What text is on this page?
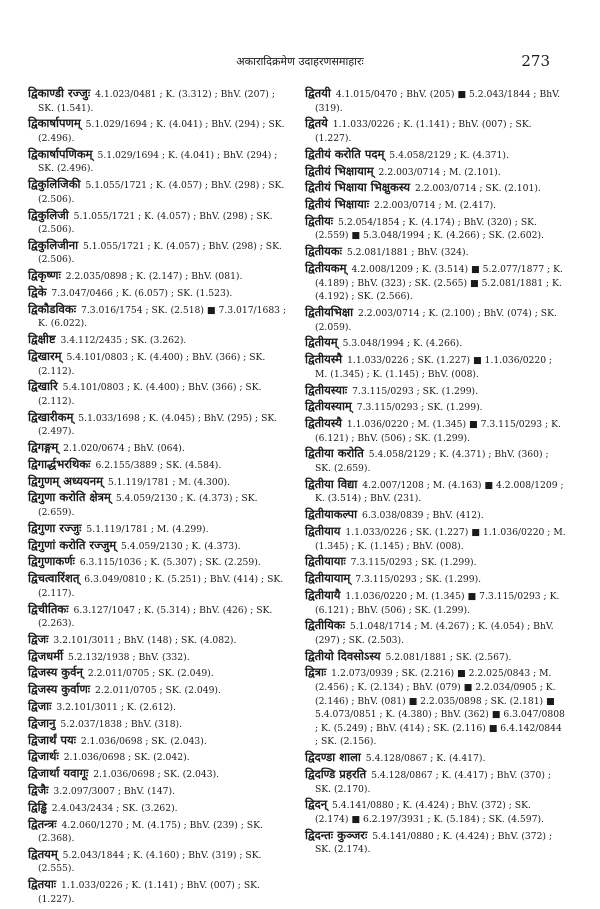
अकारादिक्रमेण उदाहरणसमाहारः	273
द्विकाण्डी रज्जुः 4.1.023/0481 ; K. (3.312) ; BhV. (207) ; SK. (1.541).
द्विकार्षापणम् 5.1.029/1694 ; K. (4.041) ; BhV. (294) ; SK. (2.496).
द्विकार्षापणिकम् 5.1.029/1694 ; K. (4.041) ; BhV. (294) ; SK. (2.496).
द्विकुलिजिकी 5.1.055/1721 ; K. (4.057) ; BhV. (298) ; SK. (2.506).
द्विकुलिजी 5.1.055/1721 ; K. (4.057) ; BhV. (298) ; SK. (2.506).
द्विकुलिजीना 5.1.055/1721 ; K. (4.057) ; BhV. (298) ; SK. (2.506).
द्विकृष्णः 2.2.035/0898 ; K. (2.147) ; BhV. (081).
द्विके 7.3.047/0466 ; K. (6.057) ; SK. (1.523).
द्विकौडविकः 7.3.016/1754 ; SK. (2.518) ■ 7.3.017/1683 ; K. (6.022).
द्विक्षीष्ट 3.4.112/2435 ; SK. (3.262).
द्विखारम् 5.4.101/0803 ; K. (4.400) ; BhV. (366) ; SK. (2.112).
द्विखारि 5.4.101/0803 ; K. (4.400) ; BhV. (366) ; SK. (2.112).
द्विखारीकम् 5.1.033/1698 ; K. (4.045) ; BhV. (295) ; SK. (2.497).
द्विगङ्गम् 2.1.020/0674 ; BhV. (064).
द्विगार्द्धभरथिकः 6.2.155/3889 ; SK. (4.584).
द्विगुणम् अध्ययनम् 5.1.119/1781 ; M. (4.300).
द्विगुणा करोति क्षेत्रम् 5.4.059/2130 ; K. (4.373) ; SK. (2.659).
द्विगुणा रज्जुः 5.1.119/1781 ; M. (4.299).
द्विगुणां करोति रज्जुम् 5.4.059/2130 ; K. (4.373).
द्विगुणाकर्णः 6.3.115/1036 ; K. (5.307) ; SK. (2.259).
द्विचत्वारिंशत् 6.3.049/0810 ; K. (5.251) ; BhV. (414) ; SK. (2.117).
द्विचीतिकः 6.3.127/1047 ; K. (5.314) ; BhV. (426) ; SK. (2.263).
द्विजः 3.2.101/3011 ; BhV. (148) ; SK. (4.082).
द्विजधर्मी 5.2.132/1938 ; BhV. (332).
द्विजस्य कुर्वन् 2.2.011/0705 ; SK. (2.049).
द्विजस्य कुर्वाणः 2.2.011/0705 ; SK. (2.049).
द्विजाः 3.2.101/3011 ; K. (2.612).
द्विजानु 5.2.037/1838 ; BhV. (318).
द्विजार्थं पयः 2.1.036/0698 ; SK. (2.043).
द्विजार्थः 2.1.036/0698 ; SK. (2.042).
द्विजार्था यवागूः 2.1.036/0698 ; SK. (2.043).
द्विजैः 3.2.097/3007 ; BhV. (147).
द्विड्ढि 2.4.043/2434 ; SK. (3.262).
द्वितन्त्रः 4.2.060/1270 ; M. (4.175) ; BhV. (239) ; SK. (2.368).
द्वितयम् 5.2.043/1844 ; K. (4.160) ; BhV. (319) ; SK. (2.555).
द्वितयाः 1.1.033/0226 ; K. (1.141) ; BhV. (007) ; SK. (1.227).
द्वितयी 4.1.015/0470 ; BhV. (205) ■ 5.2.043/1844 ; BhV. (319).
द्वितये 1.1.033/0226 ; K. (1.141) ; BhV. (007) ; SK. (1.227).
द्वितीयं करोति पदम् 5.4.058/2129 ; K. (4.371).
द्वितीयं भिक्षायाम् 2.2.003/0714 ; M. (2.101).
द्वितीयं भिक्षाया भिक्षुकस्य 2.2.003/0714 ; SK. (2.101).
द्वितीयं भिक्षायाः 2.2.003/0714 ; M. (2.417).
द्वितीयः 5.2.054/1854 ; K. (4.174) ; BhV. (320) ; SK. (2.559) ■ 5.3.048/1994 ; K. (4.266) ; SK. (2.602).
द्वितीयकः 5.2.081/1881 ; BhV. (324).
द्वितीयकम् 4.2.008/1209 ; K. (3.514) ■ 5.2.077/1877 ; K. (4.189) ; BhV. (323) ; SK. (2.565) ■ 5.2.081/1881 ; K. (4.192) ; SK. (2.566).
द्वितीयभिक्षा 2.2.003/0714 ; K. (2.100) ; BhV. (074) ; SK. (2.059).
द्वितीयम् 5.3.048/1994 ; K. (4.266).
द्वितीयस्मै 1.1.033/0226 ; SK. (1.227) ■ 1.1.036/0220 ; M. (1.345) ; K. (1.145) ; BhV. (008).
द्वितीयस्याः 7.3.115/0293 ; SK. (1.299).
द्वितीयस्याम् 7.3.115/0293 ; SK. (1.299).
द्वितीयस्यै 1.1.036/0220 ; M. (1.345) ■ 7.3.115/0293 ; K. (6.121) ; BhV. (506) ; SK. (1.299).
द्वितीया करोति 5.4.058/2129 ; K. (4.371) ; BhV. (360) ; SK. (2.659).
द्वितीया विद्या 4.2.007/1208 ; M. (4.163) ■ 4.2.008/1209 ; K. (3.514) ; BhV. (231).
द्वितीयाकल्पा 6.3.038/0839 ; BhV. (412).
द्वितीयाय 1.1.033/0226 ; SK. (1.227) ■ 1.1.036/0220 ; M. (1.345) ; K. (1.145) ; BhV. (008).
द्वितीयायाः 7.3.115/0293 ; SK. (1.299).
द्वितीयायाम् 7.3.115/0293 ; SK. (1.299).
द्वितीयायै 1.1.036/0220 ; M. (1.345) ■ 7.3.115/0293 ; K. (6.121) ; BhV. (506) ; SK. (1.299).
द्वितीयिकः 5.1.048/1714 ; M. (4.267) ; K. (4.054) ; BhV. (297) ; SK. (2.503).
द्वितीयो दिवसोऽस्य 5.2.081/1881 ; SK. (2.567).
द्वित्राः 1.2.073/0939 ; SK. (2.216) ■ 2.2.025/0843 ; M. (2.456) ; K. (2.134) ; BhV. (079) ■ 2.2.034/0905 ; K. (2.146) ; BhV. (081) ■ 2.2.035/0898 ; SK. (2.181) ■ 5.4.073/0851 ; K. (4.380) ; BhV. (362) ■ 6.3.047/0808 ; K. (5.249) ; BhV. (414) ; SK. (2.116) ■ 6.4.142/0844 ; SK. (2.156).
द्विदण्डा शाला 5.4.128/0867 ; K. (4.417).
द्विदण्डि प्रहरति 5.4.128/0867 ; K. (4.417) ; BhV. (370) ; SK. (2.170).
द्विदन् 5.4.141/0880 ; K. (4.424) ; BhV. (372) ; SK. (2.174) ■ 6.2.197/3931 ; K. (5.184) ; SK. (4.597).
द्विदन्तः कुञ्जरः 5.4.141/0880 ; K. (4.424) ; BhV. (372) ; SK. (2.174).
